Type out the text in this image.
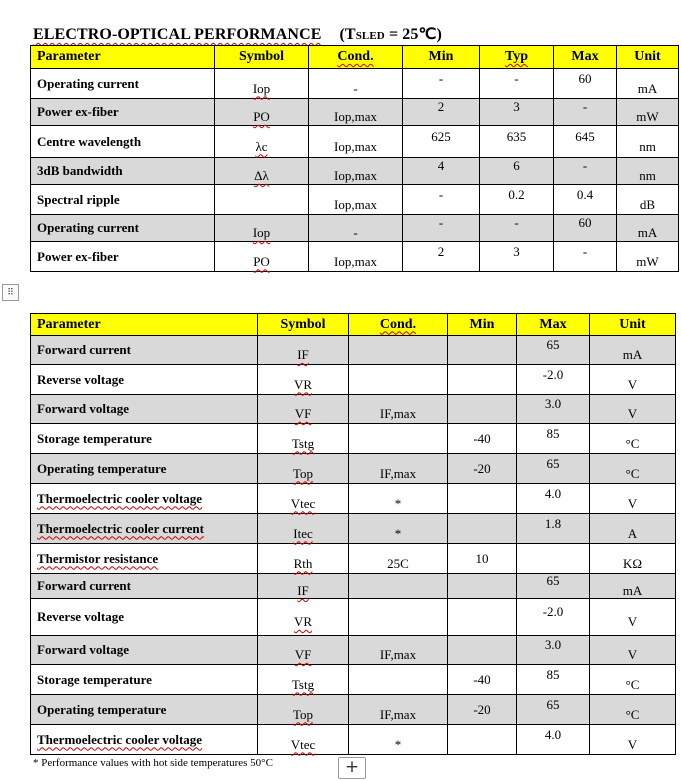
ELECTRO-OPTICAL PERFORMANCE (TSLED = 25℃)
Parameter	Symbol	Cond.	Min	Typ	Max	Unit
Operating current	Iop	-	-	-	60	mA
Power ex-fiber	PO	Iop,max	2	3	-	mW
Centre wavelength	λc	Iop,max	625	635	645	nm
3dB bandwidth	Δλ	Iop,max	4	6	-	nm
Spectral ripple		Iop,max	-	0.2	0.4	dB
Operating current	Iop	-	-	-	60	mA
Power ex-fiber	PO	Iop,max	2	3	-	mW
⠿
Parameter	Symbol	Cond.	Min	Max	Unit
Forward current	IF			65	mA
Reverse voltage	VR			-2.0	V
Forward voltage	VF	IF,max		3.0	V
Storage temperature	Tstg		-40	85	°C
Operating temperature	Top	IF,max	-20	65	°C
Thermoelectric cooler voltage	Vtec	*		4.0	V
Thermoelectric cooler current	Itec	*		1.8	A
Thermistor resistance	Rth	25C	10		KΩ
Forward current	IF			65	mA
Reverse voltage	VR			-2.0	V
Forward voltage	VF	IF,max		3.0	V
Storage temperature	Tstg		-40	85	°C
Operating temperature	Top	IF,max	-20	65	°C
Thermoelectric cooler voltage	Vtec	*		4.0	V
* Performance values with hot side temperatures 50°C	+
